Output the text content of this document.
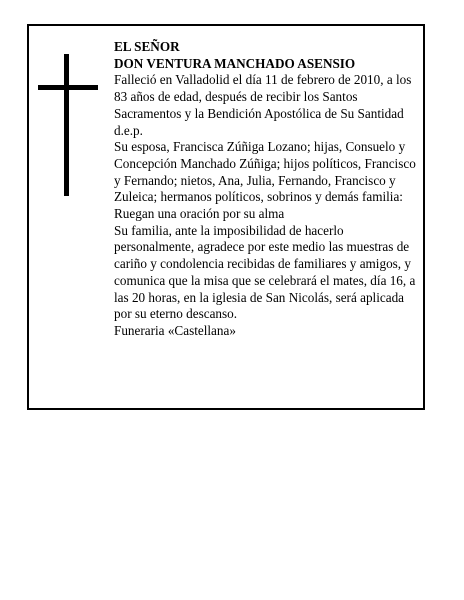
EL SEÑOR

DON VENTURA MANCHADO ASENSIO

Falleció en Valladolid el día 11 de febrero de 2010, a los 83 años de edad, después de recibir los Santos Sacramentos y la Bendición Apostólica de Su Santidad d.e.p.

Su esposa, Francisca Zúñiga Lozano; hijas, Consuelo y Concepción Manchado Zúñiga; hijos políticos, Francisco y Fernando; nietos, Ana, Julia, Fernando, Francisco y Zuleica; hermanos políticos, sobrinos y demás familia:

Ruegan una oración por su alma

Su familia, ante la imposibilidad de hacerlo personalmente, agradece por este medio las muestras de cariño y condolencia recibidas de familiares y amigos, y comunica que la misa que se celebrará el mates, día 16, a las 20 horas, en la iglesia de San Nicolás, será aplicada por su eterno descanso.

Funeraria «Castellana»
